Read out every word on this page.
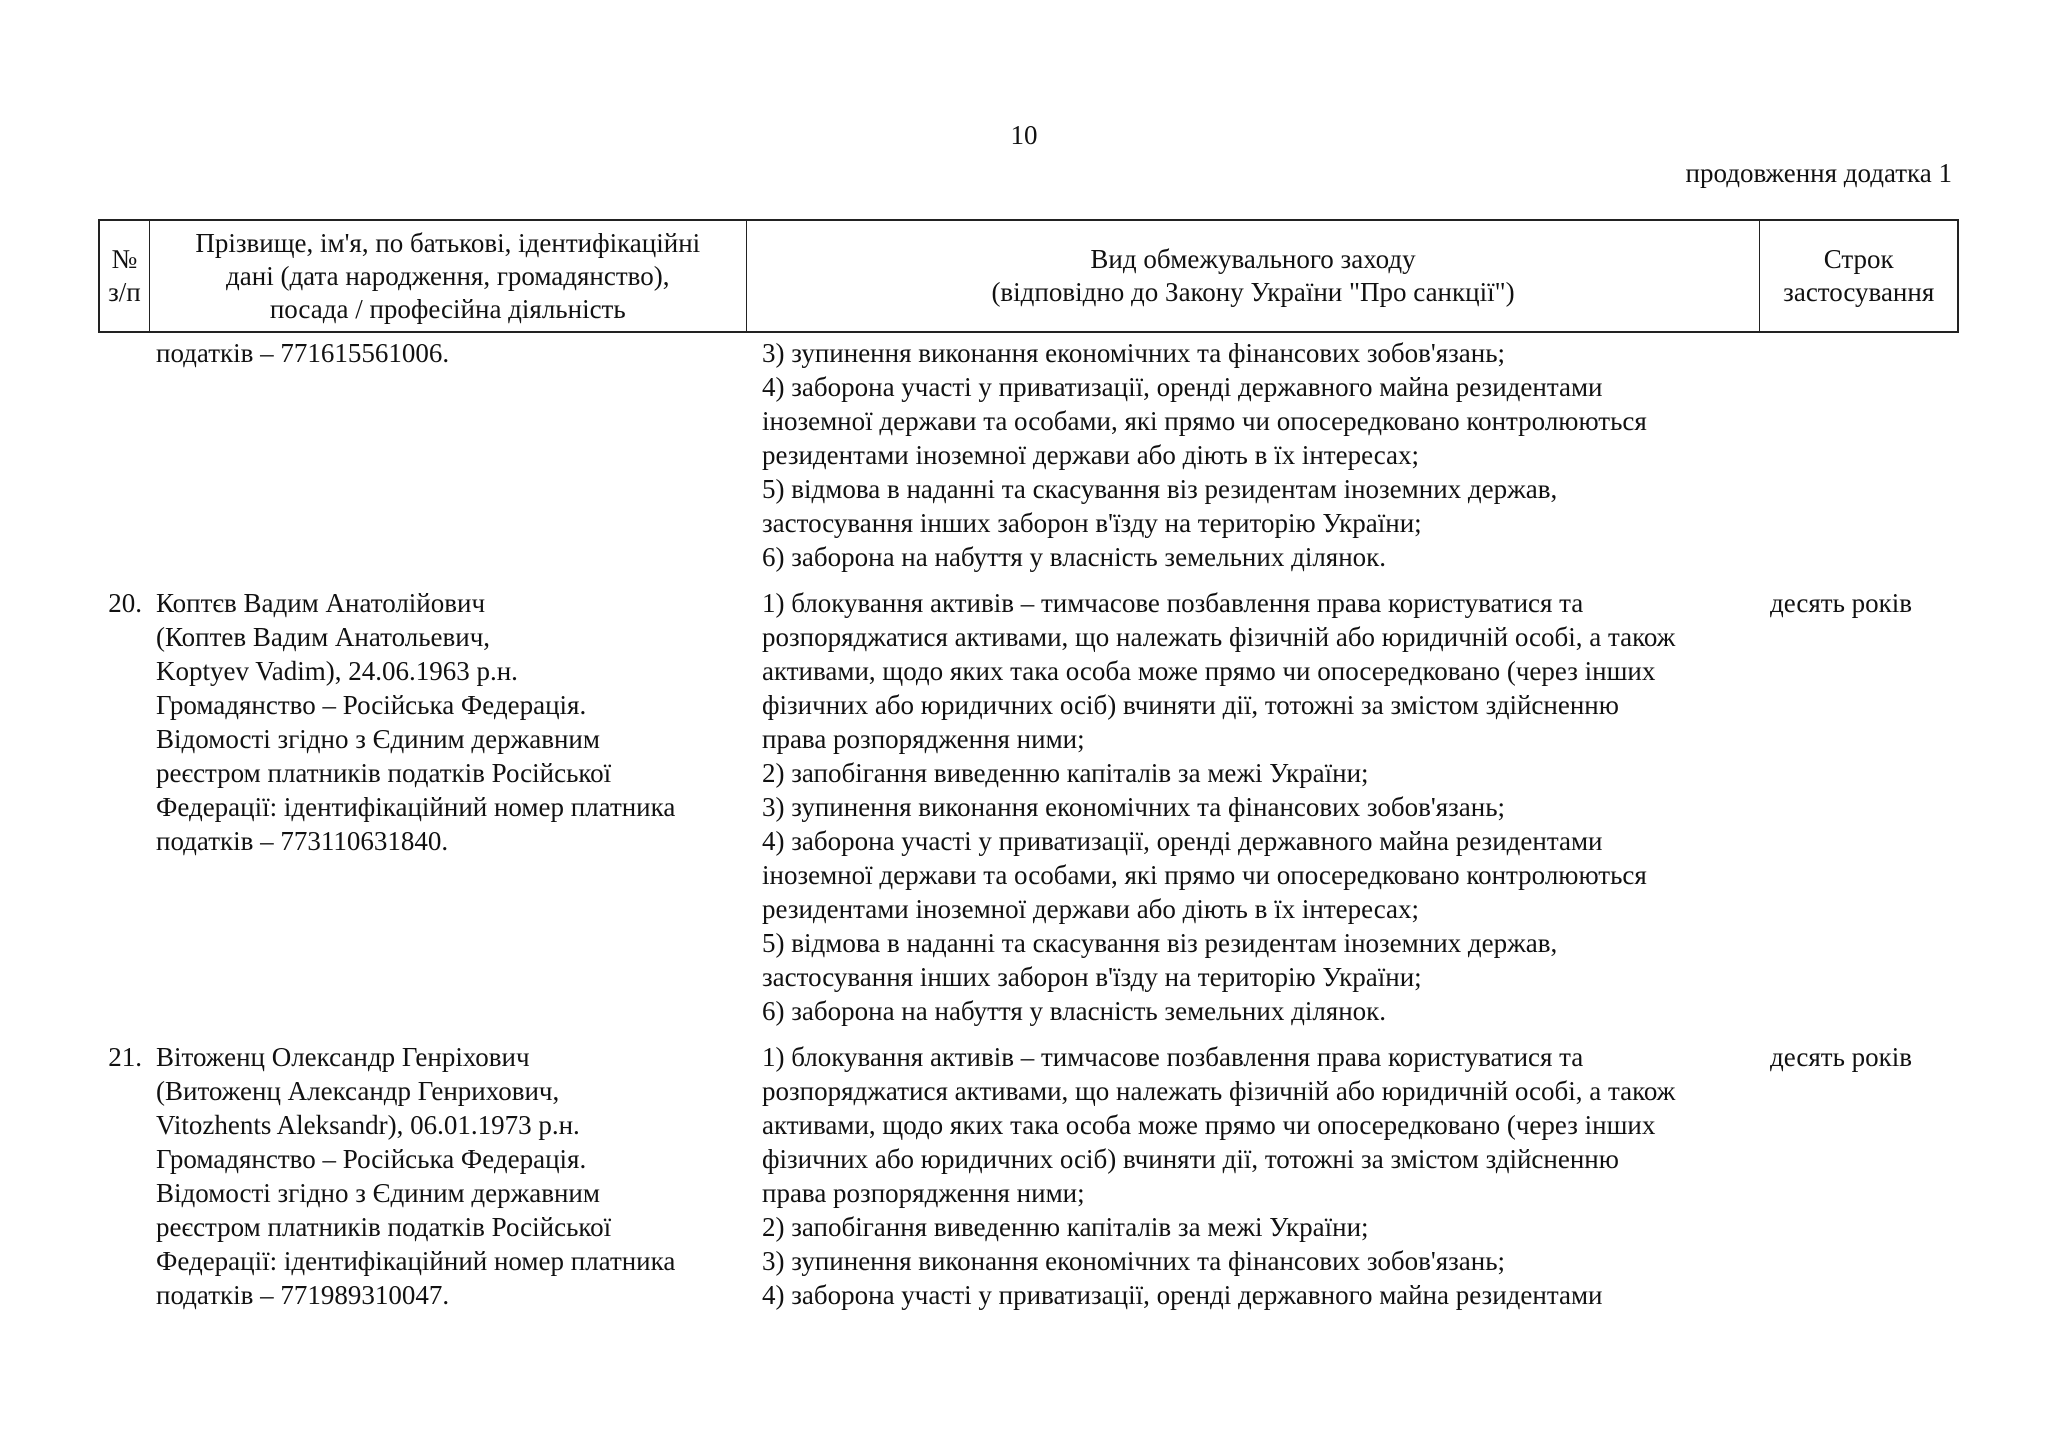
10
продовження додатка 1
№
з/п
Прізвище, ім'я, по батькові, ідентифікаційні
дані (дата народження, громадянство),
посада / професійна діяльність
Вид обмежувального заходу
(відповідно до Закону України "Про санкції")
Строк
застосування
податків – 771615561006.	3) зупинення виконання економічних та фінансових зобов'язань;
4) заборона участі у приватизації, оренді державного майна резидентами
іноземної держави та особами, які прямо чи опосередковано контролюються
резидентами іноземної держави або діють в їх інтересах;
5) відмова в наданні та скасування віз резидентам іноземних держав,
застосування інших заборон в'їзду на територію України;
6) заборона на набуття у власність земельних ділянок.
20. Коптєв Вадим Анатолійович
(Коптев Вадим Анатольевич,
Koptyev Vadim), 24.06.1963 р.н.
Громадянство – Російська Федерація.
Відомості згідно з Єдиним державним
реєстром платників податків Російської
Федерації: ідентифікаційний номер платника
податків – 773110631840.
1) блокування активів – тимчасове позбавлення права користуватися та
розпоряджатися активами, що належать фізичній або юридичній особі, а також
активами, щодо яких така особа може прямо чи опосередковано (через інших
фізичних або юридичних осіб) вчиняти дії, тотожні за змістом здійсненню
права розпорядження ними;
2) запобігання виведенню капіталів за межі України;
3) зупинення виконання економічних та фінансових зобов'язань;
4) заборона участі у приватизації, оренді державного майна резидентами
іноземної держави та особами, які прямо чи опосередковано контролюються
резидентами іноземної держави або діють в їх інтересах;
5) відмова в наданні та скасування віз резидентам іноземних держав,
застосування інших заборон в'їзду на територію України;
6) заборона на набуття у власність земельних ділянок.
десять років
21. Вітоженц Олександр Генріхович
(Витоженц Александр Генрихович,
Vitozhents Aleksandr), 06.01.1973 р.н.
Громадянство – Російська Федерація.
Відомості згідно з Єдиним державним
реєстром платників податків Російської
Федерації: ідентифікаційний номер платника
податків – 771989310047.
1) блокування активів – тимчасове позбавлення права користуватися та
розпоряджатися активами, що належать фізичній або юридичній особі, а також
активами, щодо яких така особа може прямо чи опосередковано (через інших
фізичних або юридичних осіб) вчиняти дії, тотожні за змістом здійсненню
права розпорядження ними;
2) запобігання виведенню капіталів за межі України;
3) зупинення виконання економічних та фінансових зобов'язань;
4) заборона участі у приватизації, оренді державного майна резидентами
десять років
